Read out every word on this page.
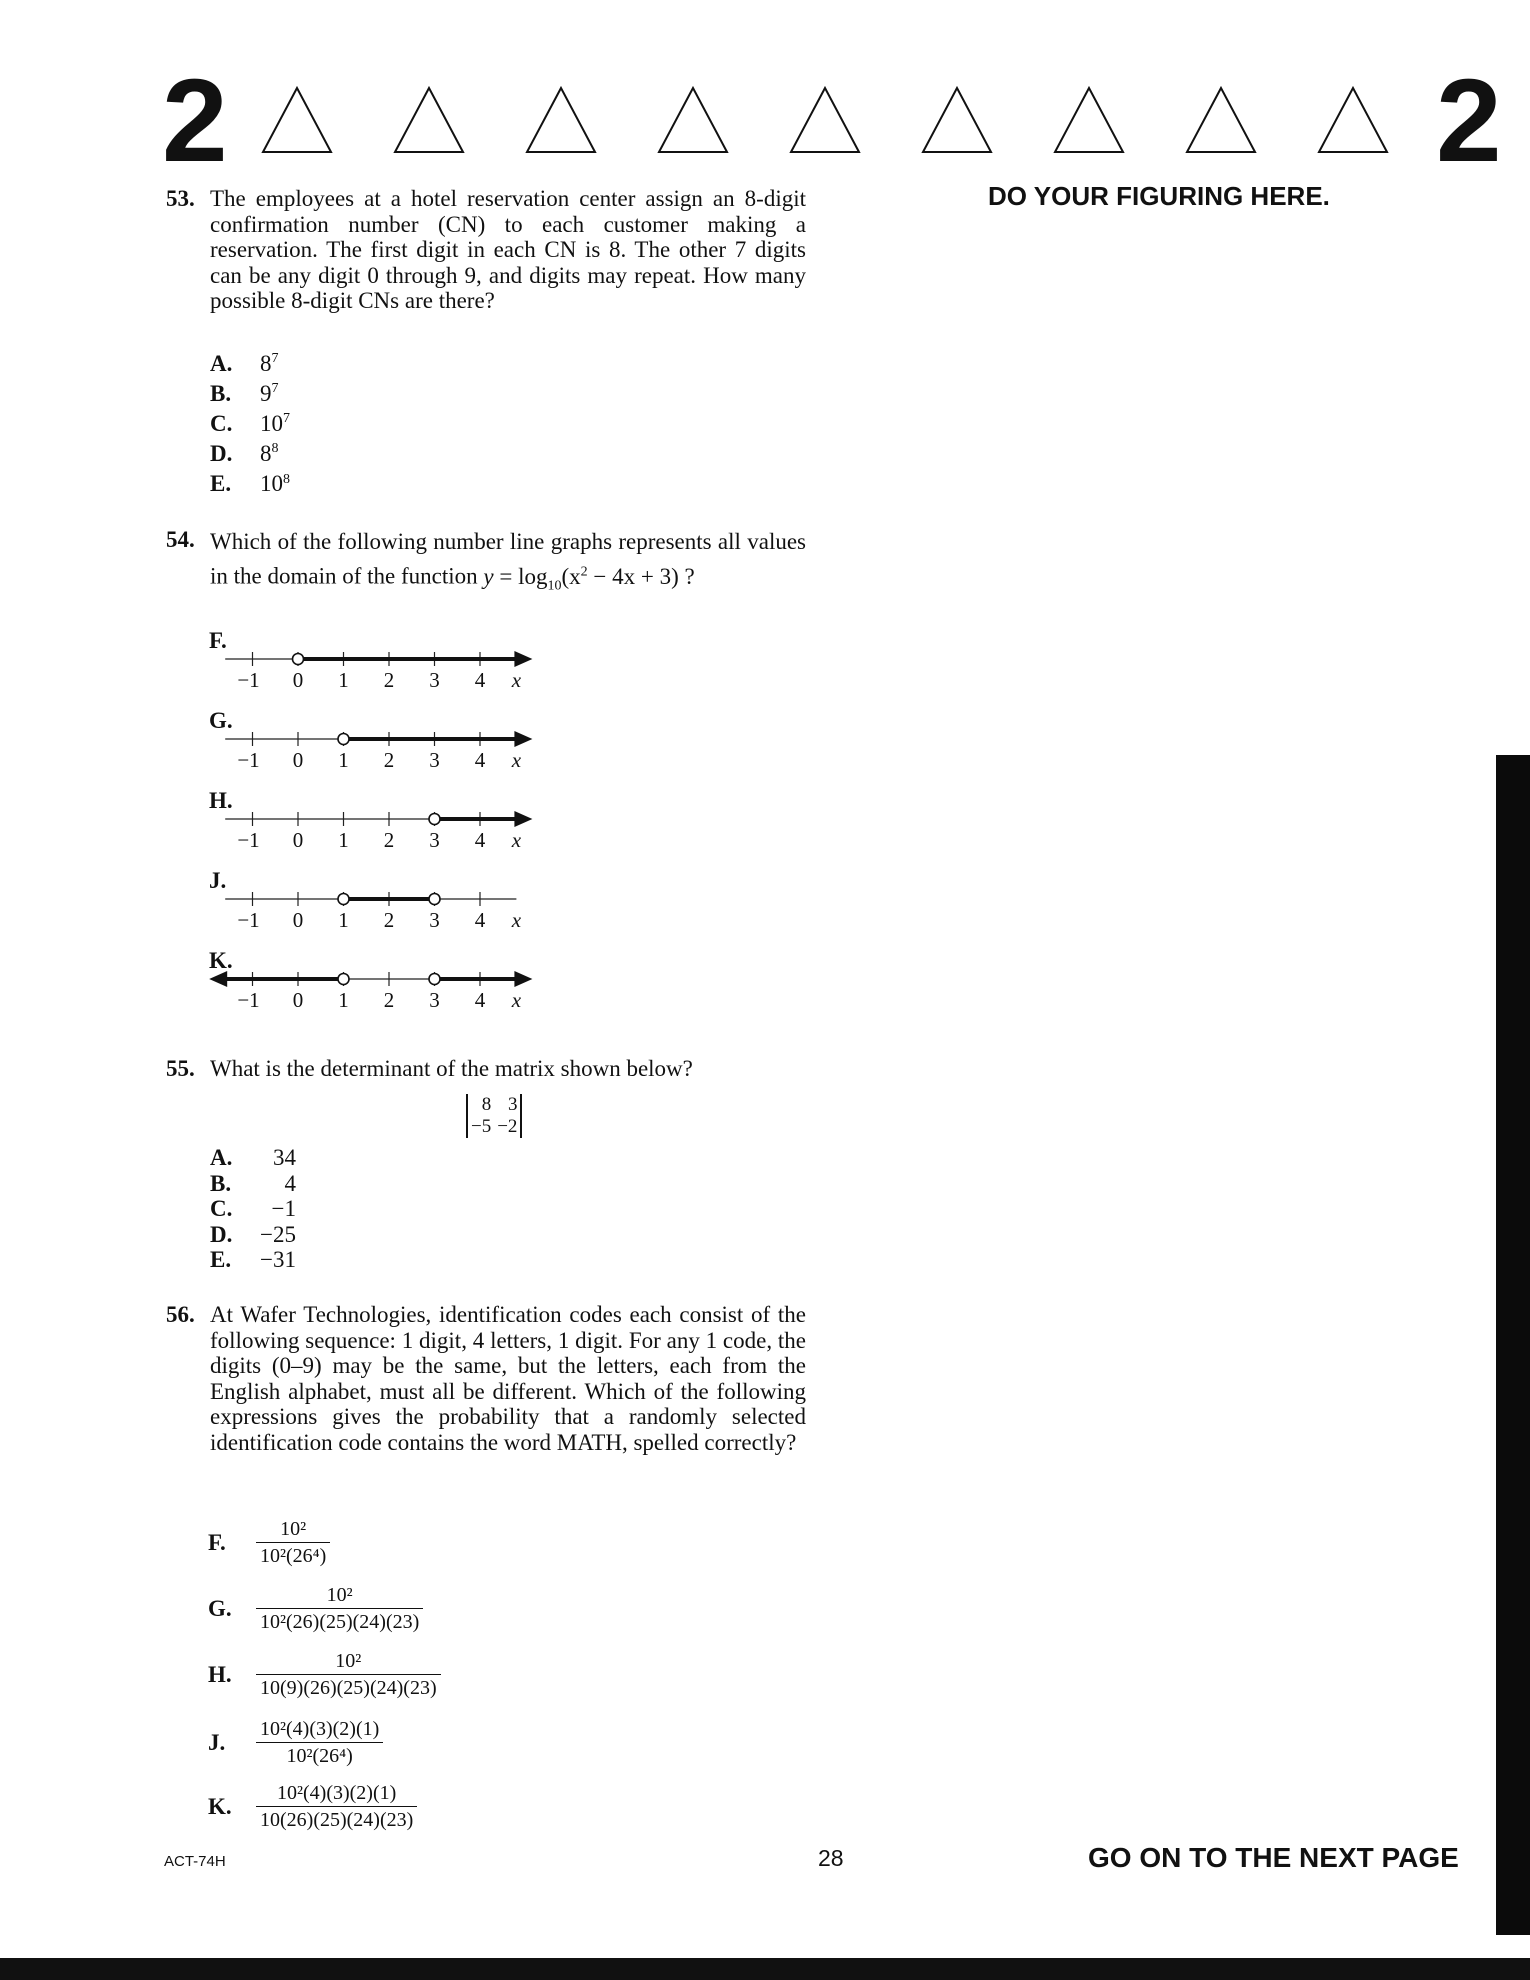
2	2
DO YOUR FIGURING HERE.
53. The employees at a hotel reservation center assign an 8-digit confirmation number (CN) to each customer making a reservation. The first digit in each CN is 8. The other 7 digits can be any digit 0 through 9, and digits may repeat. How many possible 8-digit CNs are there?
A. $8^7$
B. $9^7$
C. $10^7$
D. $8^8$
E. $10^8$
54. Which of the following number line graphs represents all values in the domain of the function $y = \log_{10}(x^2 - 4x + 3)$ ?
F.
−1 0 1 2 3 4 x
G.
−1 0 1 2 3 4 x
H.
−1 0 1 2 3 4 x
J.
−1 0 1 2 3 4 x
K.
−1 0 1 2 3 4 x
55. What is the determinant of the matrix shown below?
8	3
−5	−2
A. 34
B. 4
C. −1
D. −25
E. −31
56. At Wafer Technologies, identification codes each consist of the following sequence: 1 digit, 4 letters, 1 digit. For any 1 code, the digits (0–9) may be the same, but the letters, each from the English alphabet, must all be different. Which of the following expressions gives the probability that a randomly selected identification code contains the word MATH, spelled correctly?
F. $\frac{\text{10²}}{\text{10²(26⁴)}}$
G. $\frac{\text{10²}}{\text{10²(26)(25)(24)(23)}}$
H. $\frac{\text{10²}}{10(9)(26)(25)(24)(23)}$
J. $\frac{\text{10²(4)(3)(2)(1)}}{\text{10²(26⁴)}}$
K. $\frac{\text{10²(4)(3)(2)(1)}}{10(26)(25)(24)(23)}$
ACT-74H	28	GO ON TO THE NEXT PAGE
